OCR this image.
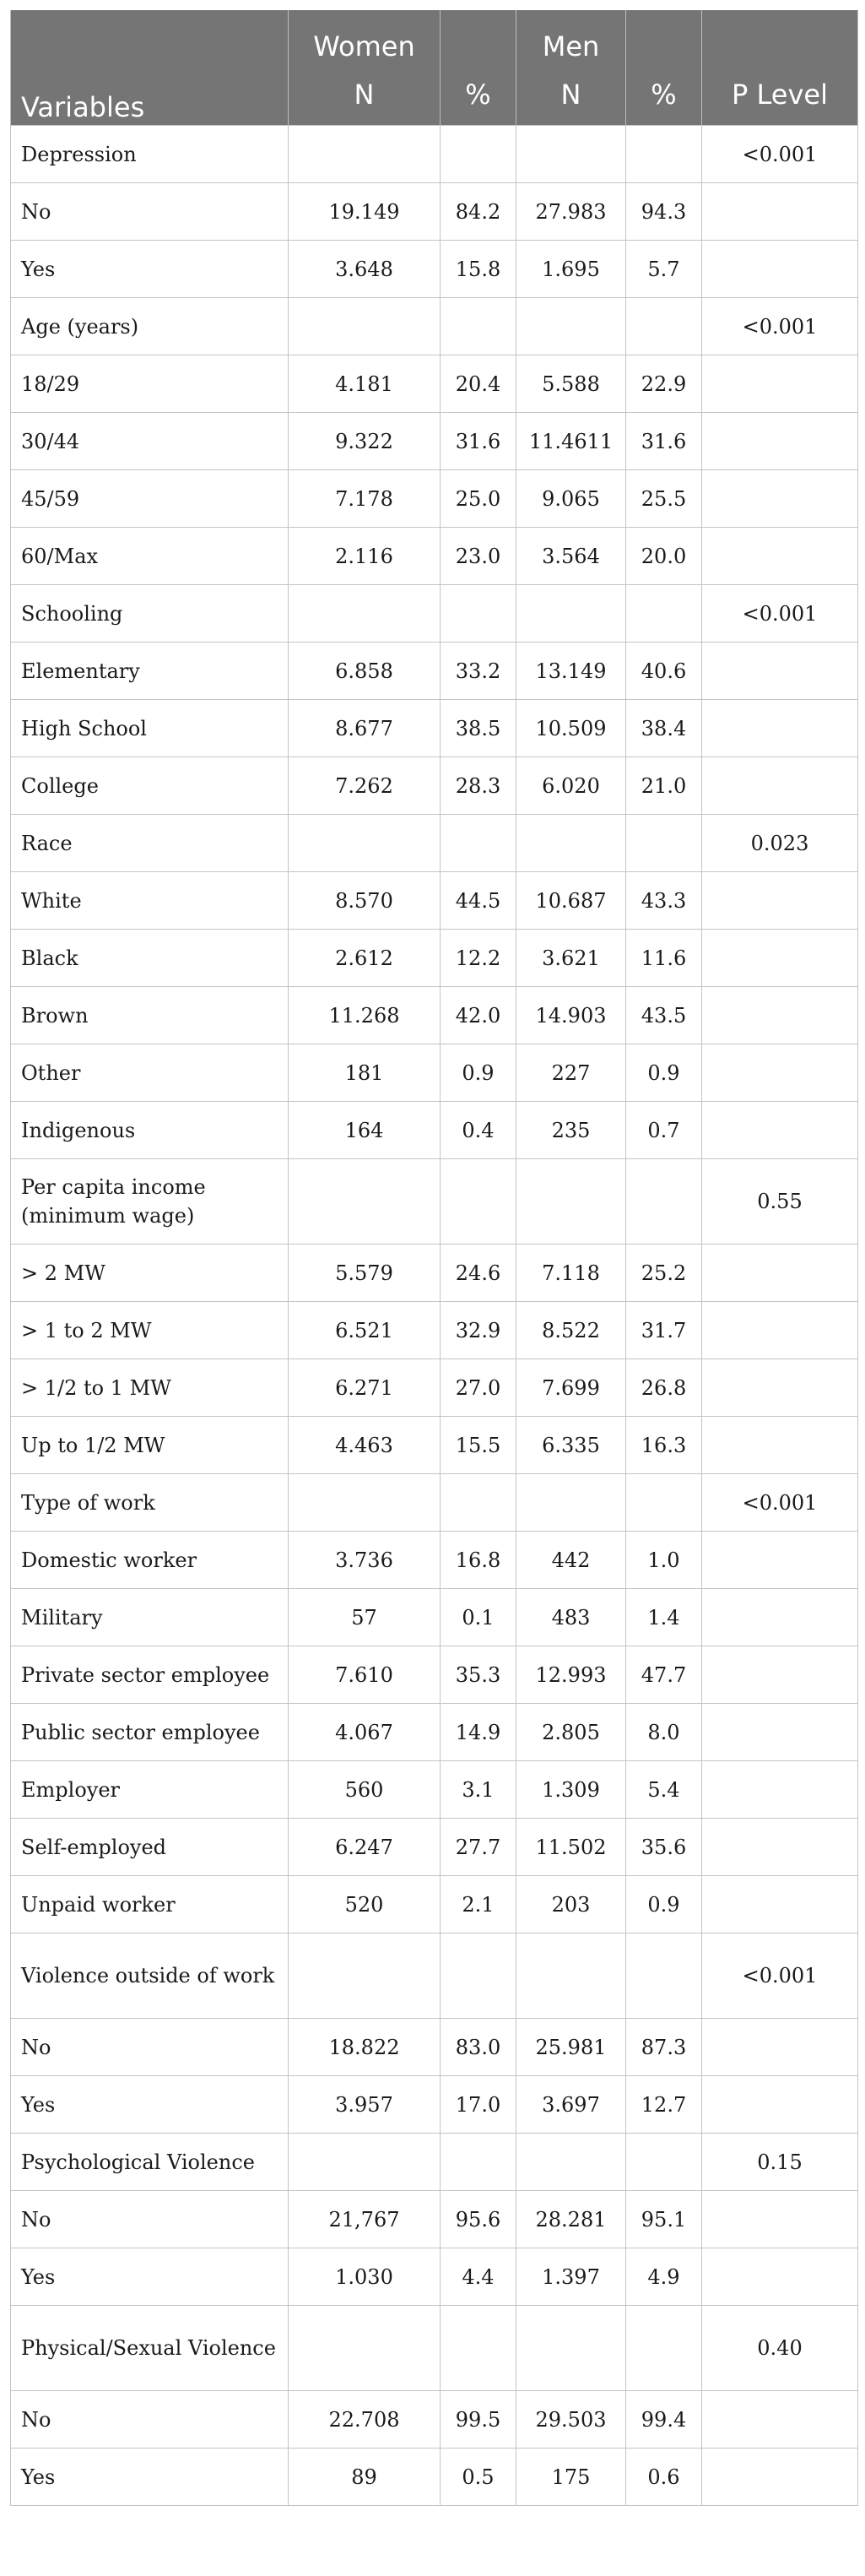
Variables	Women		Men		
	N	%	N	%	P Level
Depression					<0.001
No	19.149	84.2	27.983	94.3	
Yes	3.648	15.8	1.695	5.7	
Age (years)					<0.001
18/29	4.181	20.4	5.588	22.9	
30/44	9.322	31.6	11.4611	31.6	
45/59	7.178	25.0	9.065	25.5	
60/Max	2.116	23.0	3.564	20.0	
Schooling					<0.001
Elementary	6.858	33.2	13.149	40.6	
High School	8.677	38.5	10.509	38.4	
College	7.262	28.3	6.020	21.0	
Race					0.023
White	8.570	44.5	10.687	43.3	
Black	2.612	12.2	3.621	11.6	
Brown	11.268	42.0	14.903	43.5	
Other	181	0.9	227	0.9	
Indigenous	164	0.4	235	0.7	
Per capita income (minimum wage)					0.55
> 2 MW	5.579	24.6	7.118	25.2	
> 1 to 2 MW	6.521	32.9	8.522	31.7	
> 1/2 to 1 MW	6.271	27.0	7.699	26.8	
Up to 1/2 MW	4.463	15.5	6.335	16.3	
Type of work					<0.001
Domestic worker	3.736	16.8	442	1.0	
Military	57	0.1	483	1.4	
Private sector employee	7.610	35.3	12.993	47.7	
Public sector employee	4.067	14.9	2.805	8.0	
Employer	560	3.1	1.309	5.4	
Self-employed	6.247	27.7	11.502	35.6	
Unpaid worker	520	2.1	203	0.9	
Violence outside of work					<0.001
No	18.822	83.0	25.981	87.3	
Yes	3.957	17.0	3.697	12.7	
Psychological Violence					0.15
No	21,767	95.6	28.281	95.1	
Yes	1.030	4.4	1.397	4.9	
Physical/Sexual Violence					0.40
No	22.708	99.5	29.503	99.4	
Yes	89	0.5	175	0.6	
